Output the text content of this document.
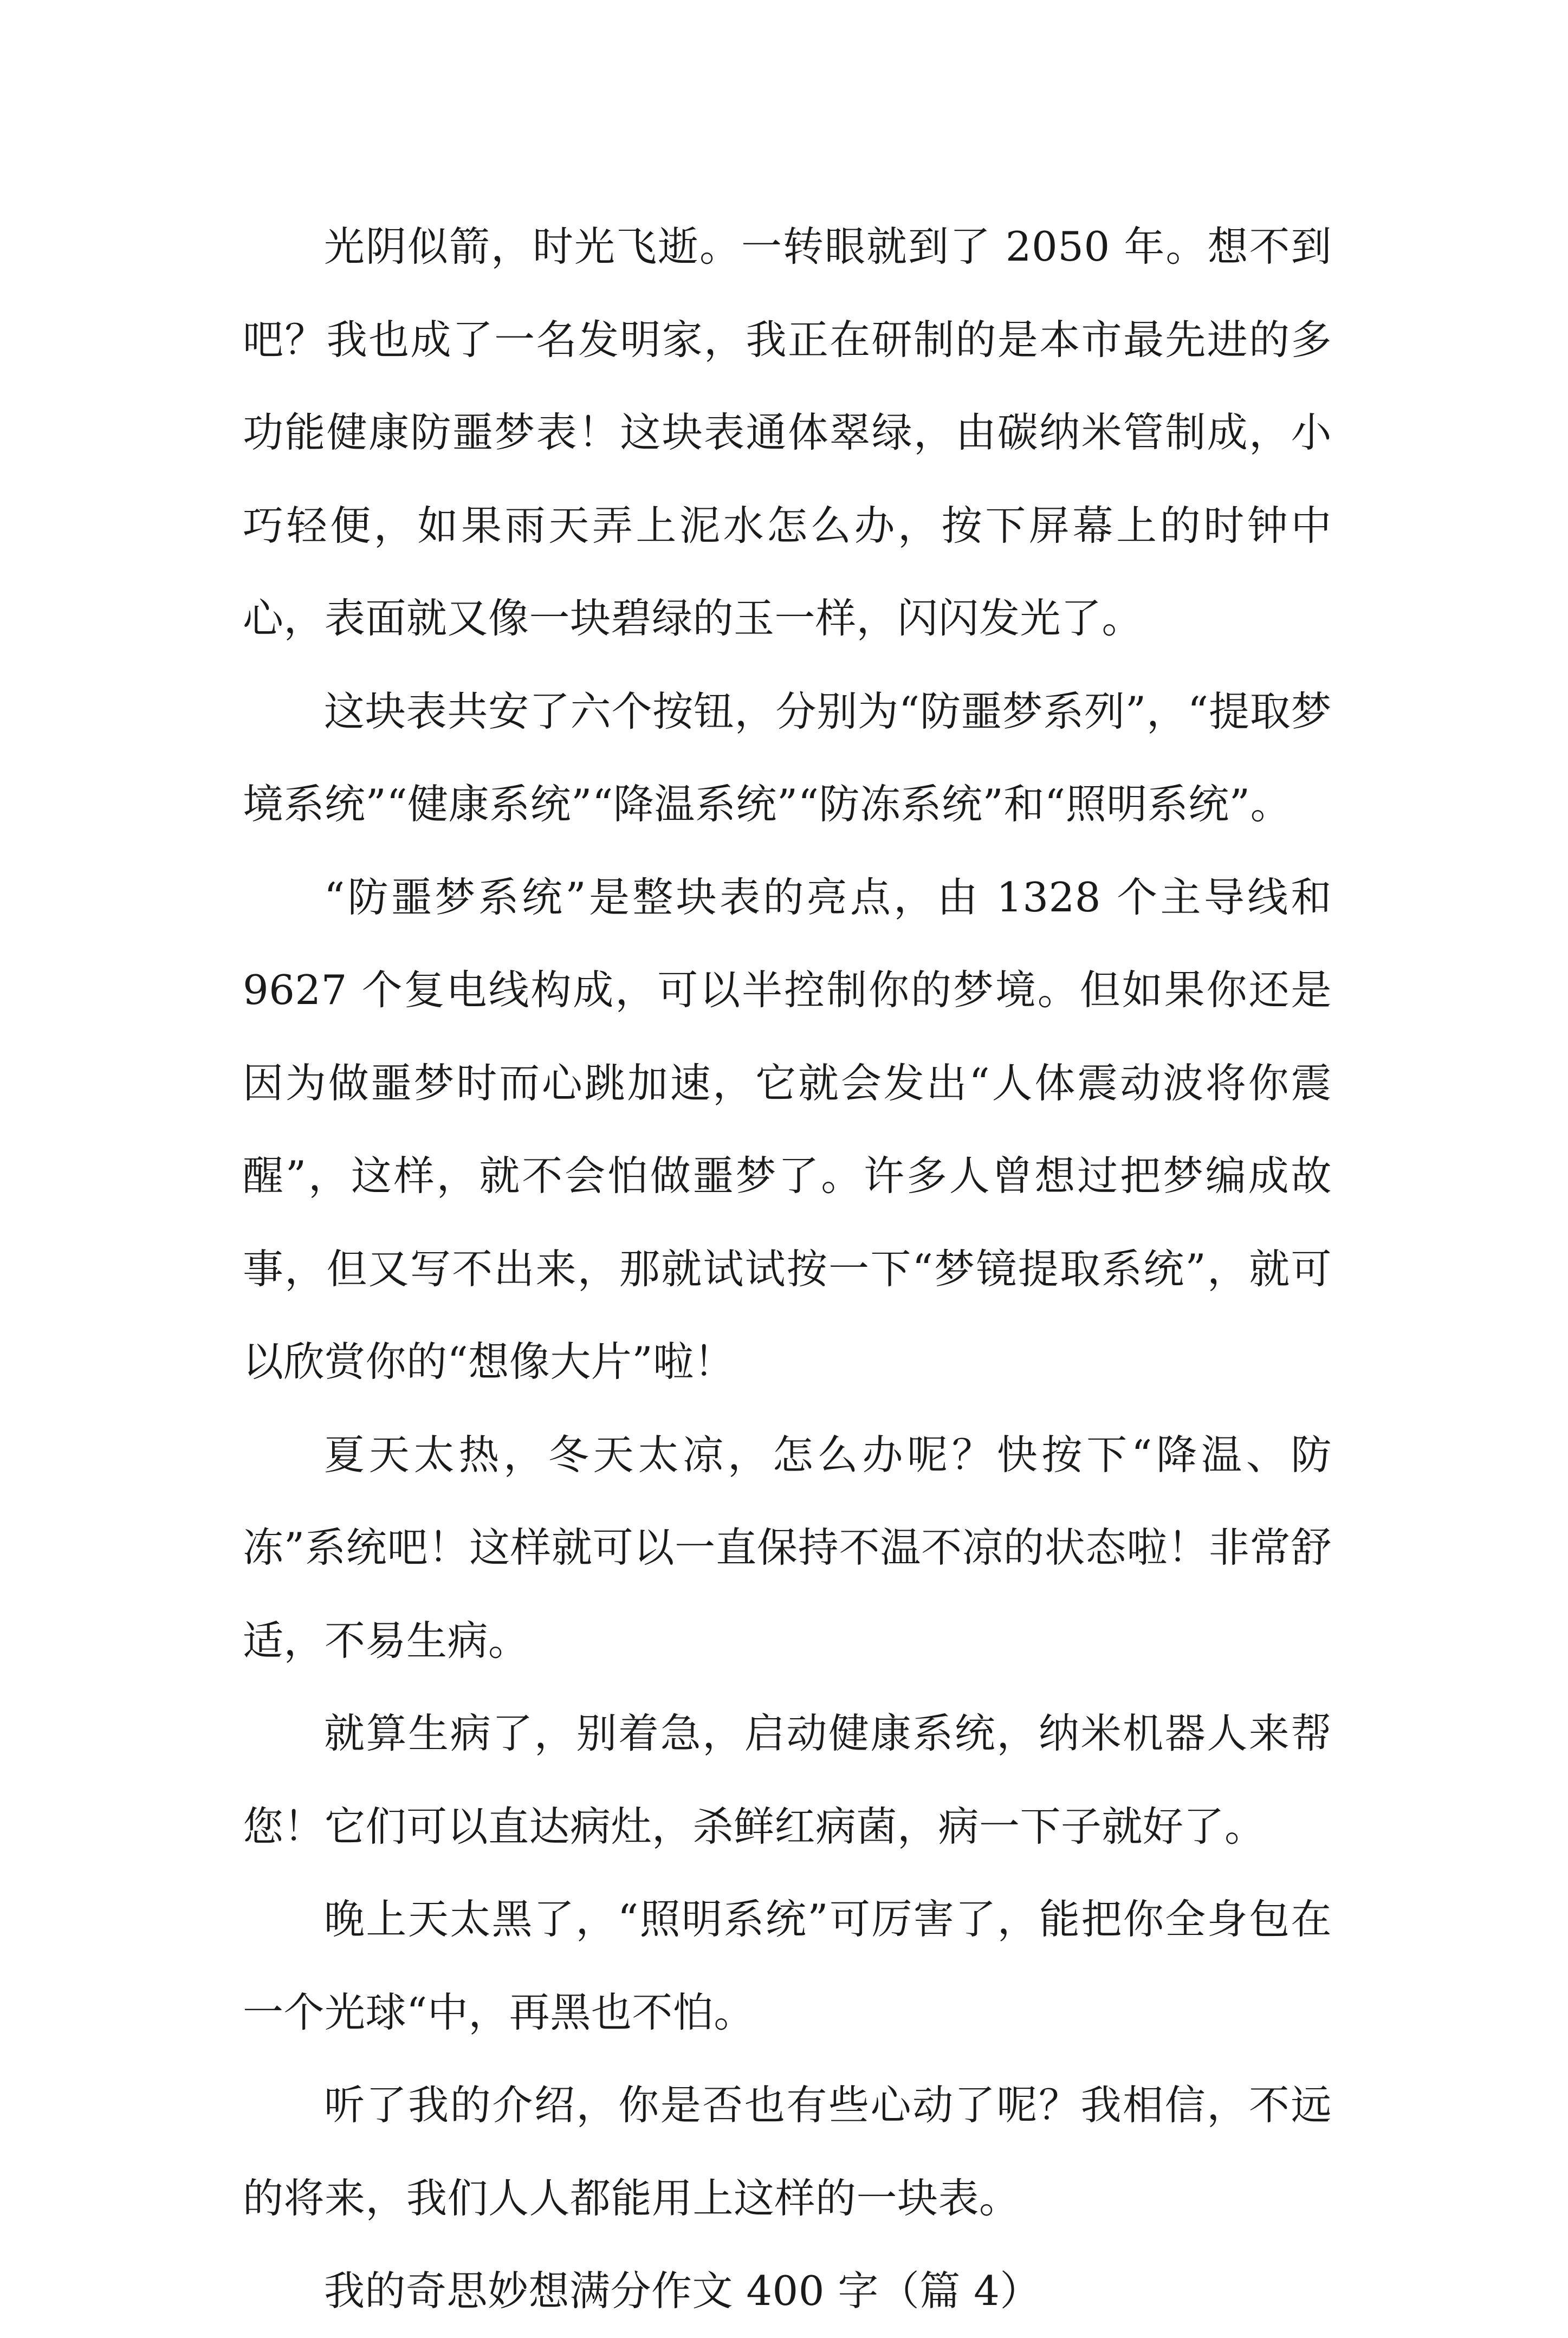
光阴似箭，时光飞逝。一转眼就到了 2050 年。想不到吧？我也成了一名发明家，我正在研制的是本市最先进的多功能健康防噩梦表！这块表通体翠绿，由碳纳米管制成，小巧轻便，如果雨天弄上泥水怎么办，按下屏幕上的时钟中心，表面就又像一块碧绿的玉一样，闪闪发光了。

这块表共安了六个按钮，分别为“防噩梦系列”，“提取梦境系统”“健康系统”“降温系统”“防冻系统”和“照明系统”。

“防噩梦系统”是整块表的亮点，由 1328 个主导线和 9627 个复电线构成，可以半控制你的梦境。但如果你还是因为做噩梦时而心跳加速，它就会发出“人体震动波将你震醒”，这样，就不会怕做噩梦了。许多人曾想过把梦编成故事，但又写不出来，那就试试按一下“梦镜提取系统”，就可以欣赏你的“想像大片”啦！

夏天太热，冬天太凉，怎么办呢？快按下“降温、防冻”系统吧！这样就可以一直保持不温不凉的状态啦！非常舒适，不易生病。

就算生病了，别着急，启动健康系统，纳米机器人来帮您！它们可以直达病灶，杀鲜红病菌，病一下子就好了。

晚上天太黑了，“照明系统”可厉害了，能把你全身包在一个光球“中，再黑也不怕。

听了我的介绍，你是否也有些心动了呢？我相信，不远的将来，我们人人都能用上这样的一块表。

我的奇思妙想满分作文 400 字（篇 4）
